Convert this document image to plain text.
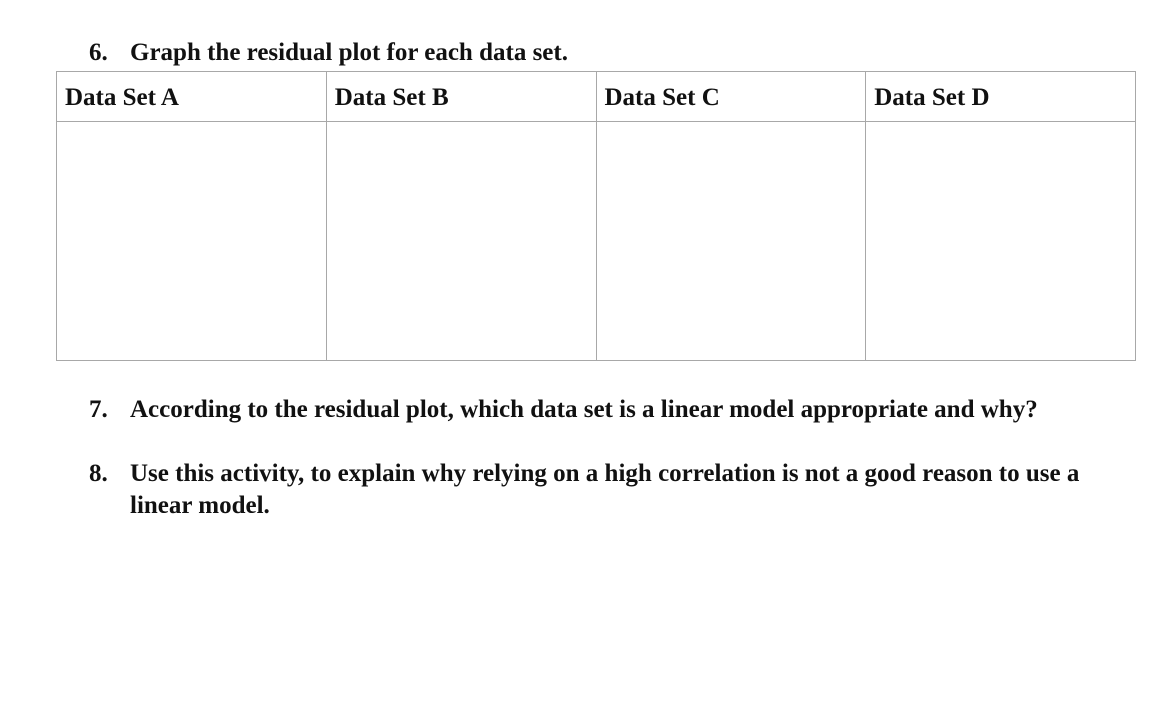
6. Graph the residual plot for each data set.
Data Set A	Data Set B	Data Set C	Data Set D

7. According to the residual plot, which data set is a linear model appropriate and why?
8. Use this activity, to explain why relying on a high correlation is not a good reason to use a linear model.
